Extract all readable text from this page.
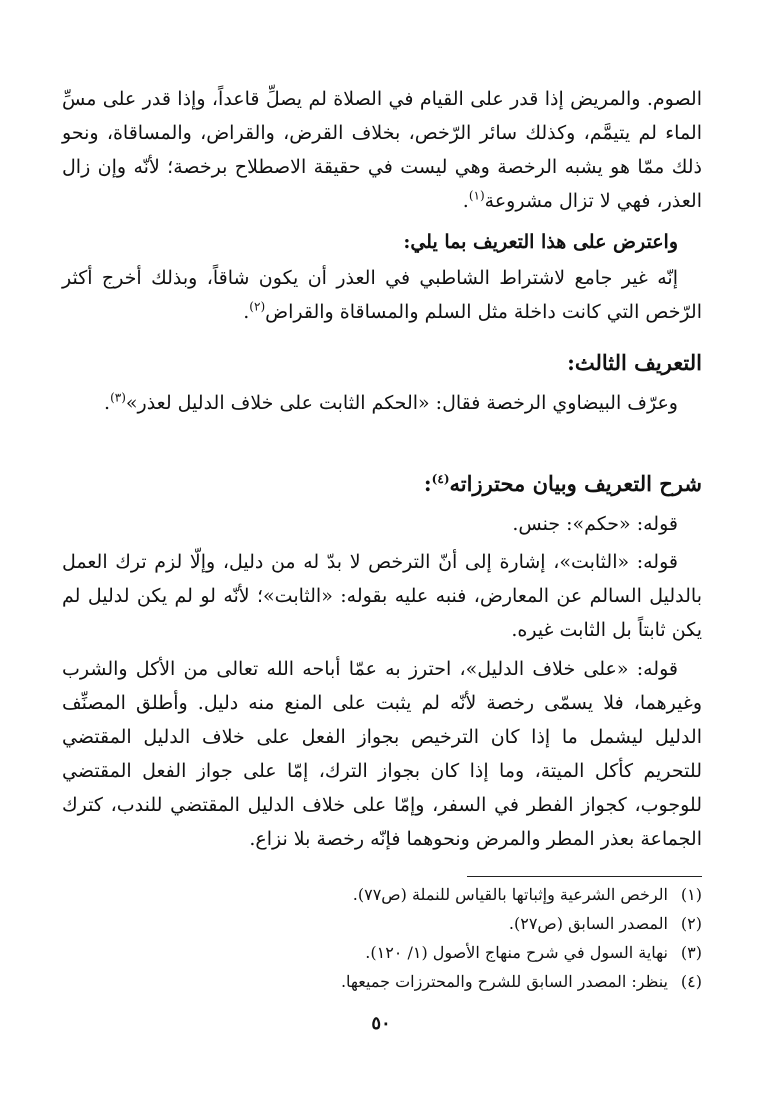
الصوم. والمريض إذا قدر على القيام في الصلاة لم يصلِّ قاعداً، وإذا قدر على مسِّ الماء لم يتيمَّم، وكذلك سائر الرّخص، بخلاف القرض، والقراض، والمساقاة، ونحو ذلك ممّا هو يشبه الرخصة وهي ليست في حقيقة الاصطلاح برخصة؛ لأنّه وإن زال العذر، فهي لا تزال مشروعة$^{(١)}$.

واعترض على هذا التعريف بما يلي:

إنّه غير جامع لاشتراط الشاطبي في العذر أن يكون شاقاً، وبذلك أخرج أكثر الرّخص التي كانت داخلة مثل السلم والمساقاة والقراض$^{(٢)}$.

التعريف الثالث:

وعرّف البيضاوي الرخصة فقال: «الحكم الثابت على خلاف الدليل لعذر»$^{(٣)}$.

شرح التعريف وبيان محترزاته$^{(٤)}$:

قوله: «حكم»: جنس.

قوله: «الثابت»، إشارة إلى أنّ الترخص لا بدّ له من دليل، وإلّا لزم ترك العمل بالدليل السالم عن المعارض، فنبه عليه بقوله: «الثابت»؛ لأنّه لو لم يكن لدليل لم يكن ثابتاً بل الثابت غيره.

قوله: «على خلاف الدليل»، احترز به عمّا أباحه الله تعالى من الأكل والشرب وغيرهما، فلا يسمّى رخصة لأنّه لم يثبت على المنع منه دليل. وأطلق المصنِّف الدليل ليشمل ما إذا كان الترخيص بجواز الفعل على خلاف الدليل المقتضي للتحريم كأكل الميتة، وما إذا كان بجواز الترك، إمّا على جواز الفعل المقتضي للوجوب، كجواز الفطر في السفر، وإمّا على خلاف الدليل المقتضي للندب، كترك الجماعة بعذر المطر والمرض ونحوهما فإنّه رخصة بلا نزاع.

(١)الرخص الشرعية وإثباتها بالقياس للنملة (ص٧٧).

(٢)المصدر السابق (ص٢٧).

(٣)نهاية السول في شرح منهاج الأصول (١/ ١٢٠).

(٤)ينظر: المصدر السابق للشرح والمحترزات جميعها.

٥٠
